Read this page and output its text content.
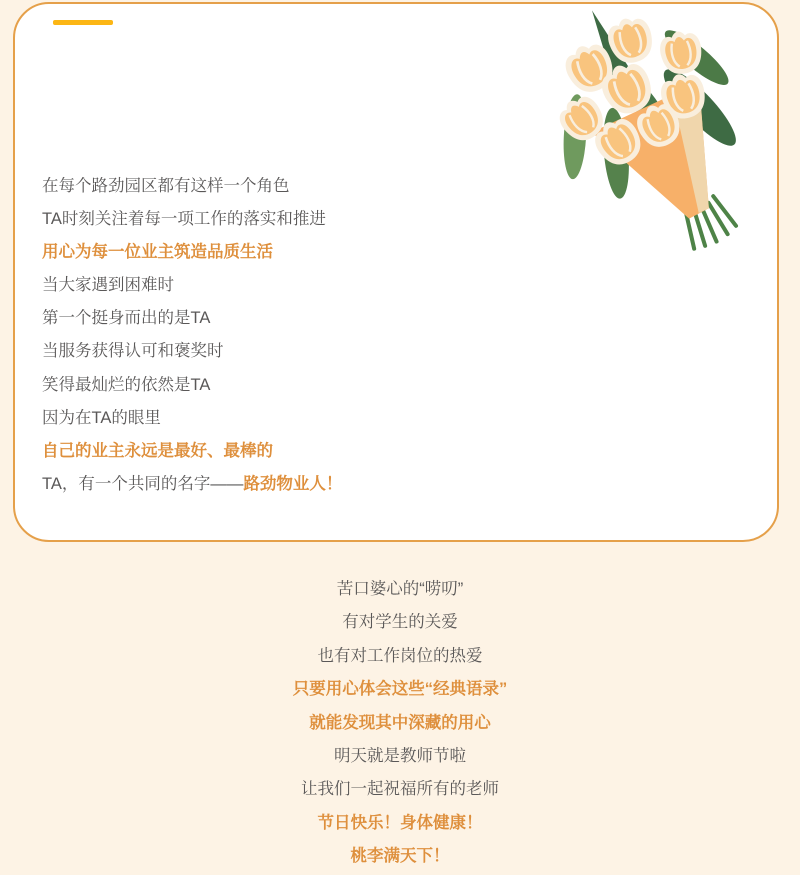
在每个路劲园区都有这样一个角色
TA时刻关注着每一项工作的落实和推进
用心为每一位业主筑造品质生活
当大家遇到困难时
第一个挺身而出的是TA
当服务获得认可和褒奖时
笑得最灿烂的依然是TA
因为在TA的眼里
自己的业主永远是最好、最棒的
TA，有一个共同的名字——路劲物业人！
苦口婆心的“唠叨”
有对学生的关爱
也有对工作岗位的热爱
只要用心体会这些“经典语录”
就能发现其中深藏的用心
明天就是教师节啦
让我们一起祝福所有的老师
节日快乐！身体健康！
桃李满天下！
